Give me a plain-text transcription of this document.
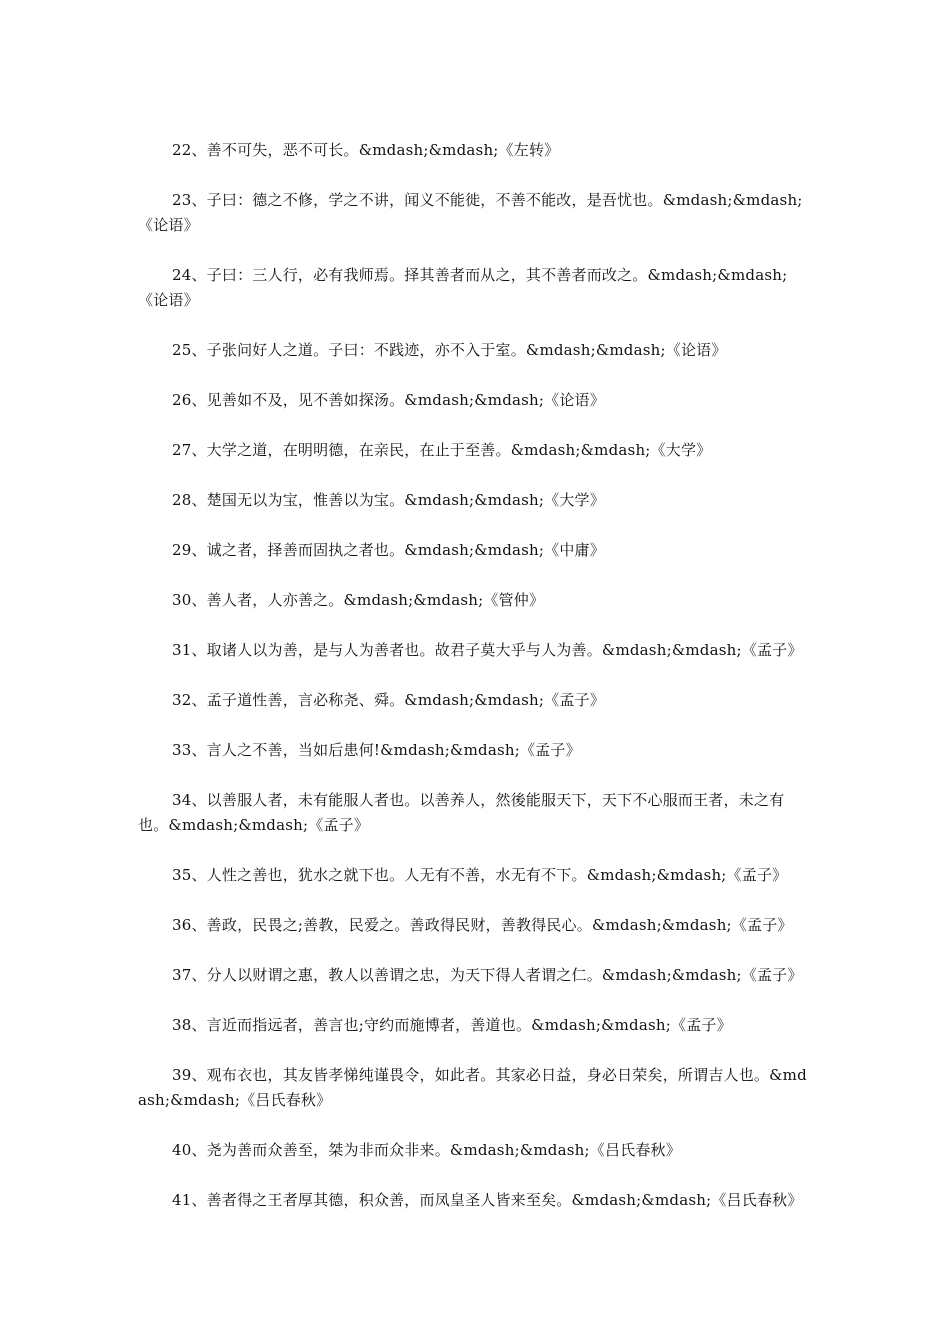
22、善不可失，恶不可长。&mdash;&mdash;《左转》

23、子曰：德之不修，学之不讲，闻义不能徙，不善不能改，是吾忧也。&mdash;&mdash;《论语》

24、子曰：三人行，必有我师焉。择其善者而从之，其不善者而改之。&mdash;&mdash;《论语》

25、子张问好人之道。子曰：不践迹，亦不入于室。&mdash;&mdash;《论语》

26、见善如不及，见不善如探汤。&mdash;&mdash;《论语》

27、大学之道，在明明德，在亲民，在止于至善。&mdash;&mdash;《大学》

28、楚国无以为宝，惟善以为宝。&mdash;&mdash;《大学》

29、诚之者，择善而固执之者也。&mdash;&mdash;《中庸》

30、善人者，人亦善之。&mdash;&mdash;《管仲》

31、取诸人以为善，是与人为善者也。故君子莫大乎与人为善。&mdash;&mdash;《孟子》

32、孟子道性善，言必称尧、舜。&mdash;&mdash;《孟子》

33、言人之不善，当如后患何!&mdash;&mdash;《孟子》

34、以善服人者，未有能服人者也。以善养人，然後能服天下，天下不心服而王者，未之有也。&mdash;&mdash;《孟子》

35、人性之善也，犹水之就下也。人无有不善，水无有不下。&mdash;&mdash;《孟子》

36、善政，民畏之;善教，民爱之。善政得民财，善教得民心。&mdash;&mdash;《孟子》

37、分人以财谓之惠，教人以善谓之忠，为天下得人者谓之仁。&mdash;&mdash;《孟子》

38、言近而指远者，善言也;守约而施博者，善道也。&mdash;&mdash;《孟子》

39、观布衣也，其友皆孝悌纯谨畏令，如此者。其家必日益，身必日荣矣，所谓吉人也。&mdash;&mdash;《吕氏春秋》

40、尧为善而众善至，桀为非而众非来。&mdash;&mdash;《吕氏春秋》

41、善者得之王者厚其德，积众善，而凤皇圣人皆来至矣。&mdash;&mdash;《吕氏春秋》
